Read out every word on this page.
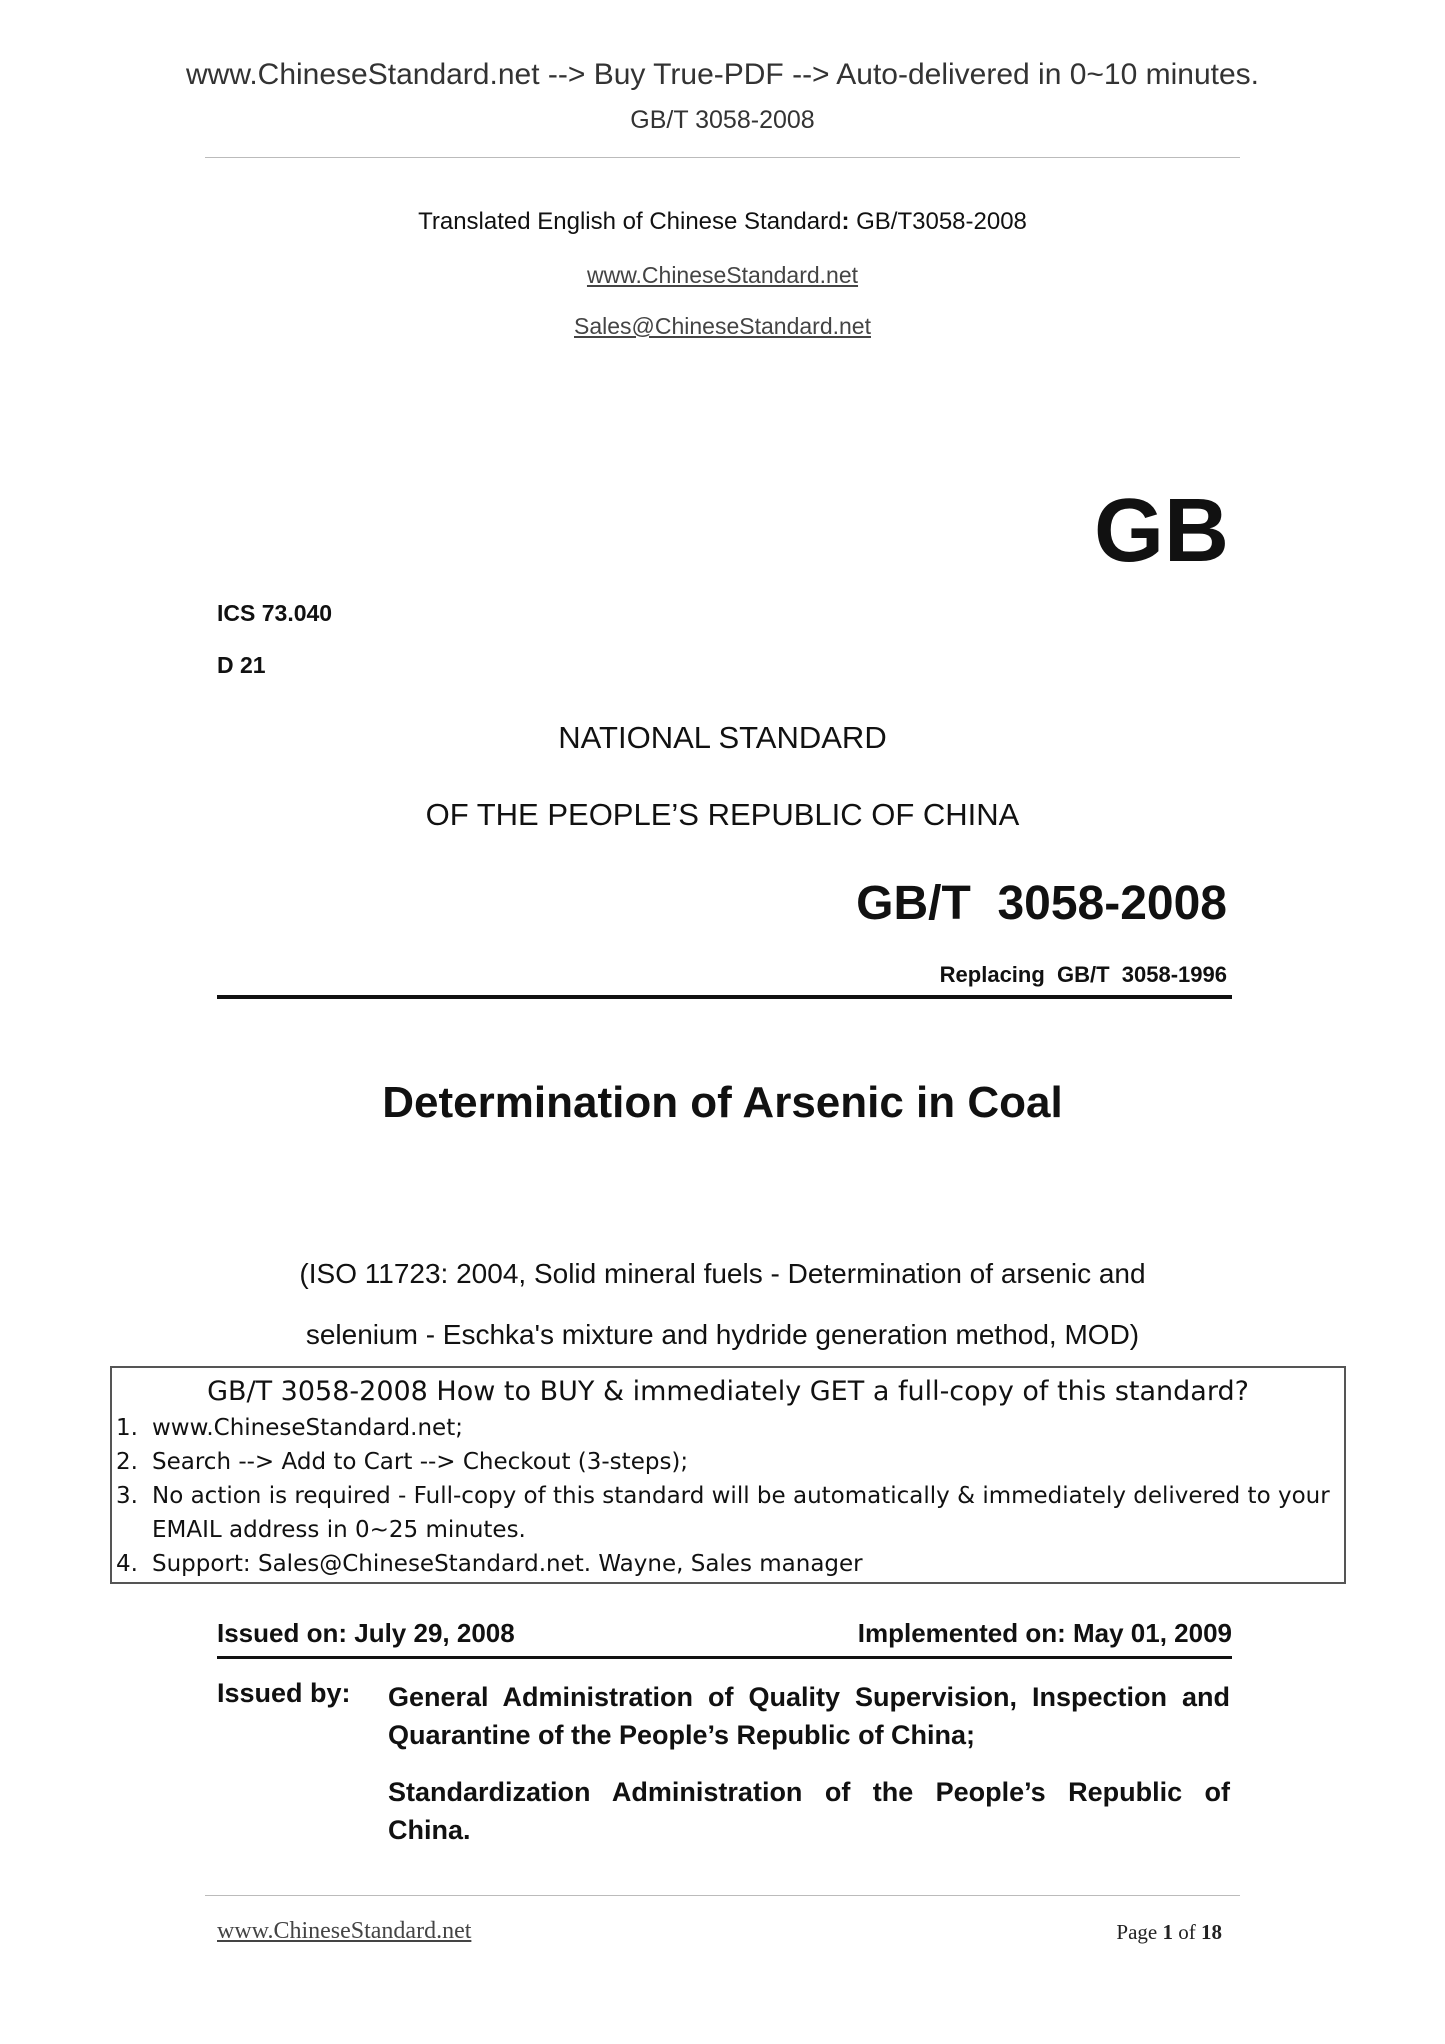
www.ChineseStandard.net --> Buy True-PDF --> Auto-delivered in 0~10 minutes.
GB/T 3058-2008
Translated English of Chinese Standard: GB/T3058-2008
www.ChineseStandard.net
Sales@ChineseStandard.net
GB
ICS 73.040
D 21
NATIONAL STANDARD
OF THE PEOPLE’S REPUBLIC OF CHINA
GB/T  3058-2008
Replacing  GB/T  3058-1996
Determination of Arsenic in Coal
(ISO 11723: 2004, Solid mineral fuels - Determination of arsenic and
selenium - Eschka's mixture and hydride generation method, MOD)
GB/T 3058-2008 How to BUY & immediately GET a full-copy of this standard?
1. www.ChineseStandard.net;
2. Search --> Add to Cart --> Checkout (3-steps);
3. No action is required - Full-copy of this standard will be automatically & immediately delivered to your EMAIL address in 0~25 minutes.
4. Support: Sales@ChineseStandard.net. Wayne, Sales manager
Issued on: July 29, 2008	Implemented on: May 01, 2009
Issued by: General Administration of Quality Supervision, Inspection and Quarantine of the People’s Republic of China;
Standardization Administration of the People’s Republic of China.
www.ChineseStandard.net	Page 1 of 18
